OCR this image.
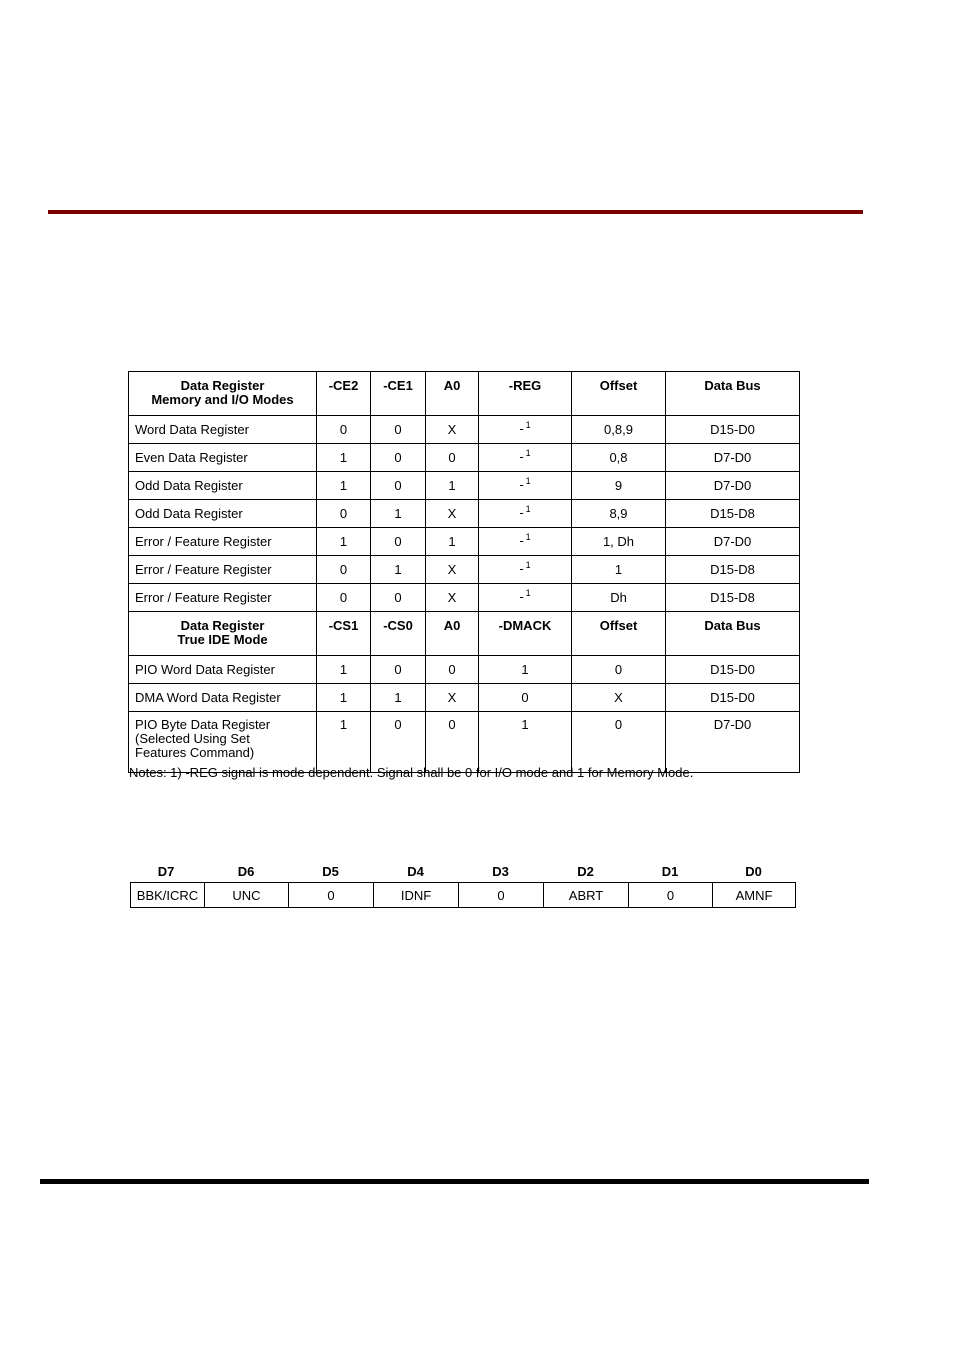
Data Register
Memory and I/O Modes	-CE2	-CE1	A0	-REG	Offset	Data Bus
Word Data Register	0	0	X	- $^1$	0,8,9	D15-D0
Even Data Register	1	0	0	- $^1$	0,8	D7-D0
Odd Data Register	1	0	1	- $^1$	9	D7-D0
Odd Data Register	0	1	X	- $^1$	8,9	D15-D8
Error / Feature Register	1	0	1	- $^1$	1, Dh	D7-D0
Error / Feature Register	0	1	X	- $^1$	1	D15-D8
Error / Feature Register	0	0	X	- $^1$	Dh	D15-D8
Data Register
True IDE Mode	-CS1	-CS0	A0	-DMACK	Offset	Data Bus
PIO Word Data Register	1	0	0	1	0	D15-D0
DMA Word Data Register	1	1	X	0	X	D15-D0
PIO Byte Data Register
(Selected Using Set
Features Command)	1	0	0	1	0	D7-D0
Notes: 1) -REG signal is mode dependent. Signal shall be 0 for I/O mode and 1 for Memory Mode.
D7	D6	D5	D4	D3	D2	D1	D0
BBK/ICRC	UNC	0	IDNF	0	ABRT	0	AMNF
